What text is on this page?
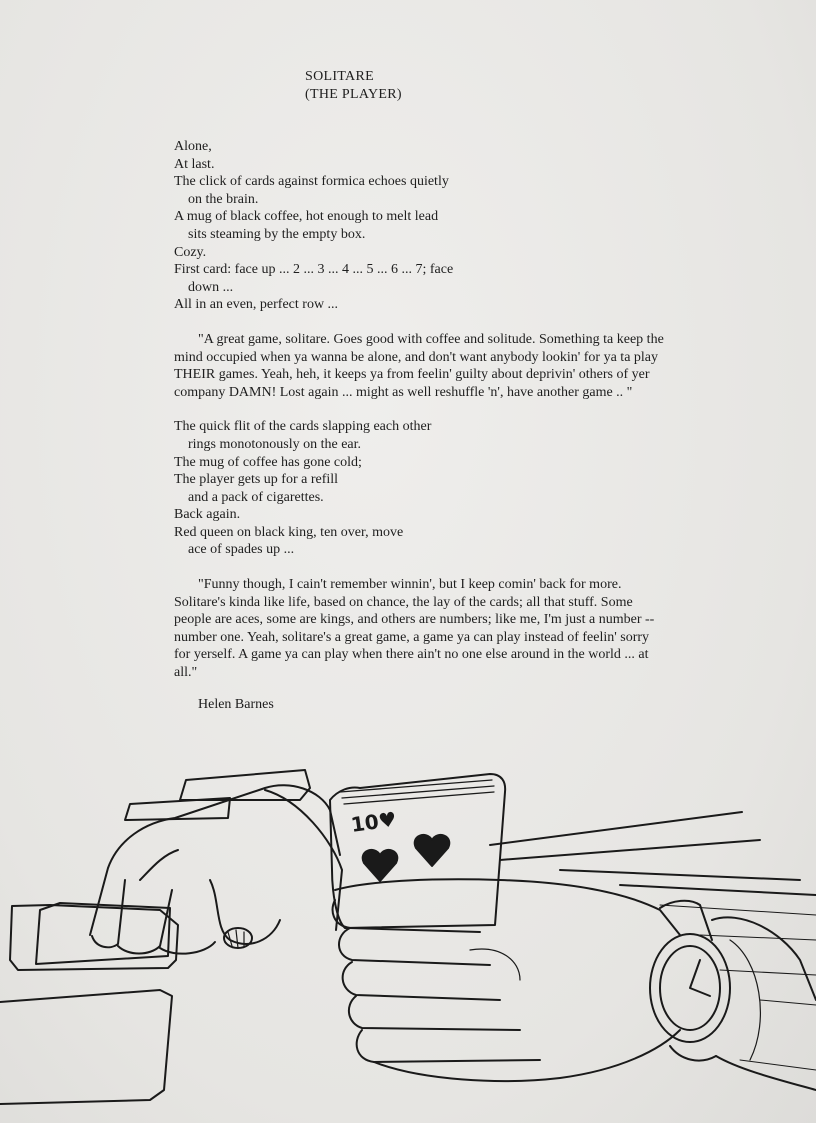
SOLITARE
(THE PLAYER)
Alone,
At last.
The click of cards against formica echoes quietly
on the brain.
A mug of black coffee, hot enough to melt lead
sits steaming by the empty box.
Cozy.
First card: face up ... 2 ... 3 ... 4 ... 5 ... 6 ... 7; face
down ...
All in an even, perfect row ...
"A great game, solitare. Goes good with coffee and solitude. Something ta keep the mind occupied when ya wanna be alone, and don't want anybody lookin' for ya ta play THEIR games. Yeah, heh, it keeps ya from feelin' guilty about deprivin' others of yer company DAMN! Lost again ... might as well reshuffle 'n', have another game .. "
The quick flit of the cards slapping each other
rings monotonously on the ear.
The mug of coffee has gone cold;
The player gets up for a refill
and a pack of cigarettes.
Back again.
Red queen on black king, ten over, move
ace of spades up ...
"Funny though, I cain't remember winnin', but I keep comin' back for more. Solitare's kinda like life, based on chance, the lay of the cards; all that stuff. Some people are aces, some are kings, and others are numbers; like me, I'm just a number -- number one. Yeah, solitare's a great game, a game ya can play instead of feelin' sorry for yerself. A game ya can play when there ain't no one else around in the world ... at all."
Helen Barnes
10♥
